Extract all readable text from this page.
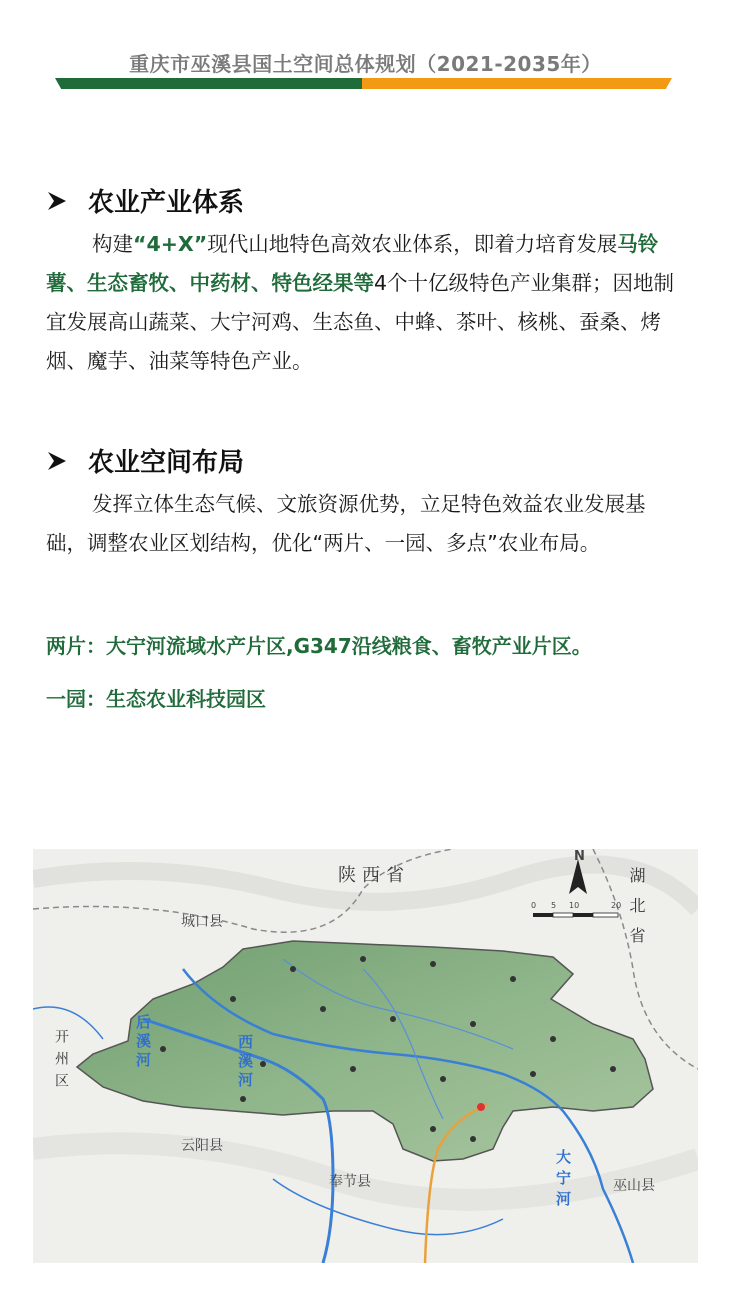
重庆市巫溪县国土空间总体规划（2021-2035年）
农业产业体系
构建“4+X”现代山地特色高效农业体系，即着力培育发展马铃薯、生态畜牧、中药材、特色经果等4个十亿级特色产业集群；因地制宜发展高山蔬菜、大宁河鸡、生态鱼、中蜂、茶叶、核桃、蚕桑、烤烟、魔芋、油菜等特色产业。
农业空间布局
发挥立体生态气候、文旅资源优势，立足特色效益农业发展基础，调整农业区划结构，优化“两片、一园、多点”农业布局。
两片：大宁河流域水产片区,G347沿线粮食、畜牧产业片区。
一园：生态农业科技园区
N
0 5 10	20
陕西省	湖北省
城口县
开州区
云阳县
奉节县	巫山县
后溪河	西溪河
大宁河
